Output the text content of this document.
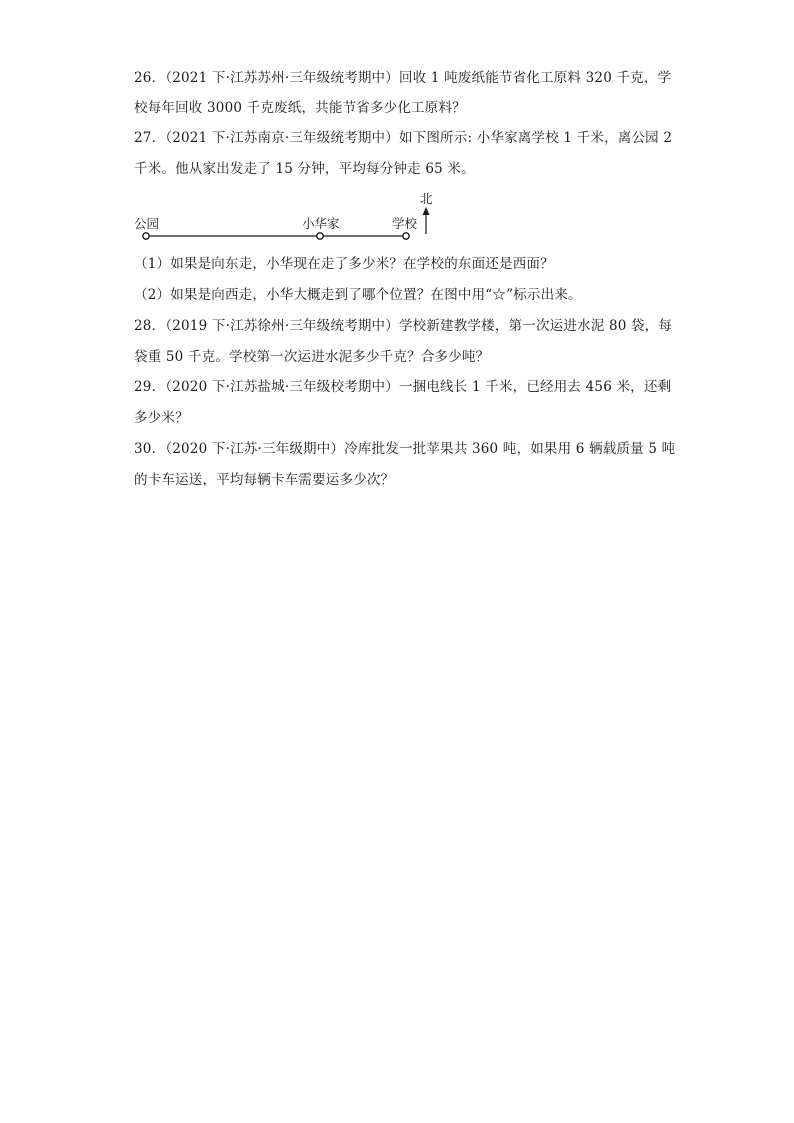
26．（2021 下·江苏苏州·三年级统考期中）回收 1 吨废纸能节省化工原料 320 千克，学
校每年回收 3000 千克废纸，共能节省多少化工原料？
27．（2021 下·江苏南京·三年级统考期中）如下图所示: 小华家离学校 1 千米，离公园 2
千米。他从家出发走了 15 分钟，平均每分钟走 65 米。
公园	小华家	学校
北
（1）如果是向东走，小华现在走了多少米？在学校的东面还是西面？
（2）如果是向西走，小华大概走到了哪个位置？在图中用“☆”标示出来。
28．（2019 下·江苏徐州·三年级统考期中）学校新建教学楼，第一次运进水泥 80 袋，每
袋重 50 千克。学校第一次运进水泥多少千克？合多少吨？
29．（2020 下·江苏盐城·三年级校考期中）一捆电线长 1 千米，已经用去 456 米，还剩
多少米？
30．（2020 下·江苏·三年级期中）冷库批发一批苹果共 360 吨，如果用 6 辆载质量 5 吨
的卡车运送，平均每辆卡车需要运多少次？
